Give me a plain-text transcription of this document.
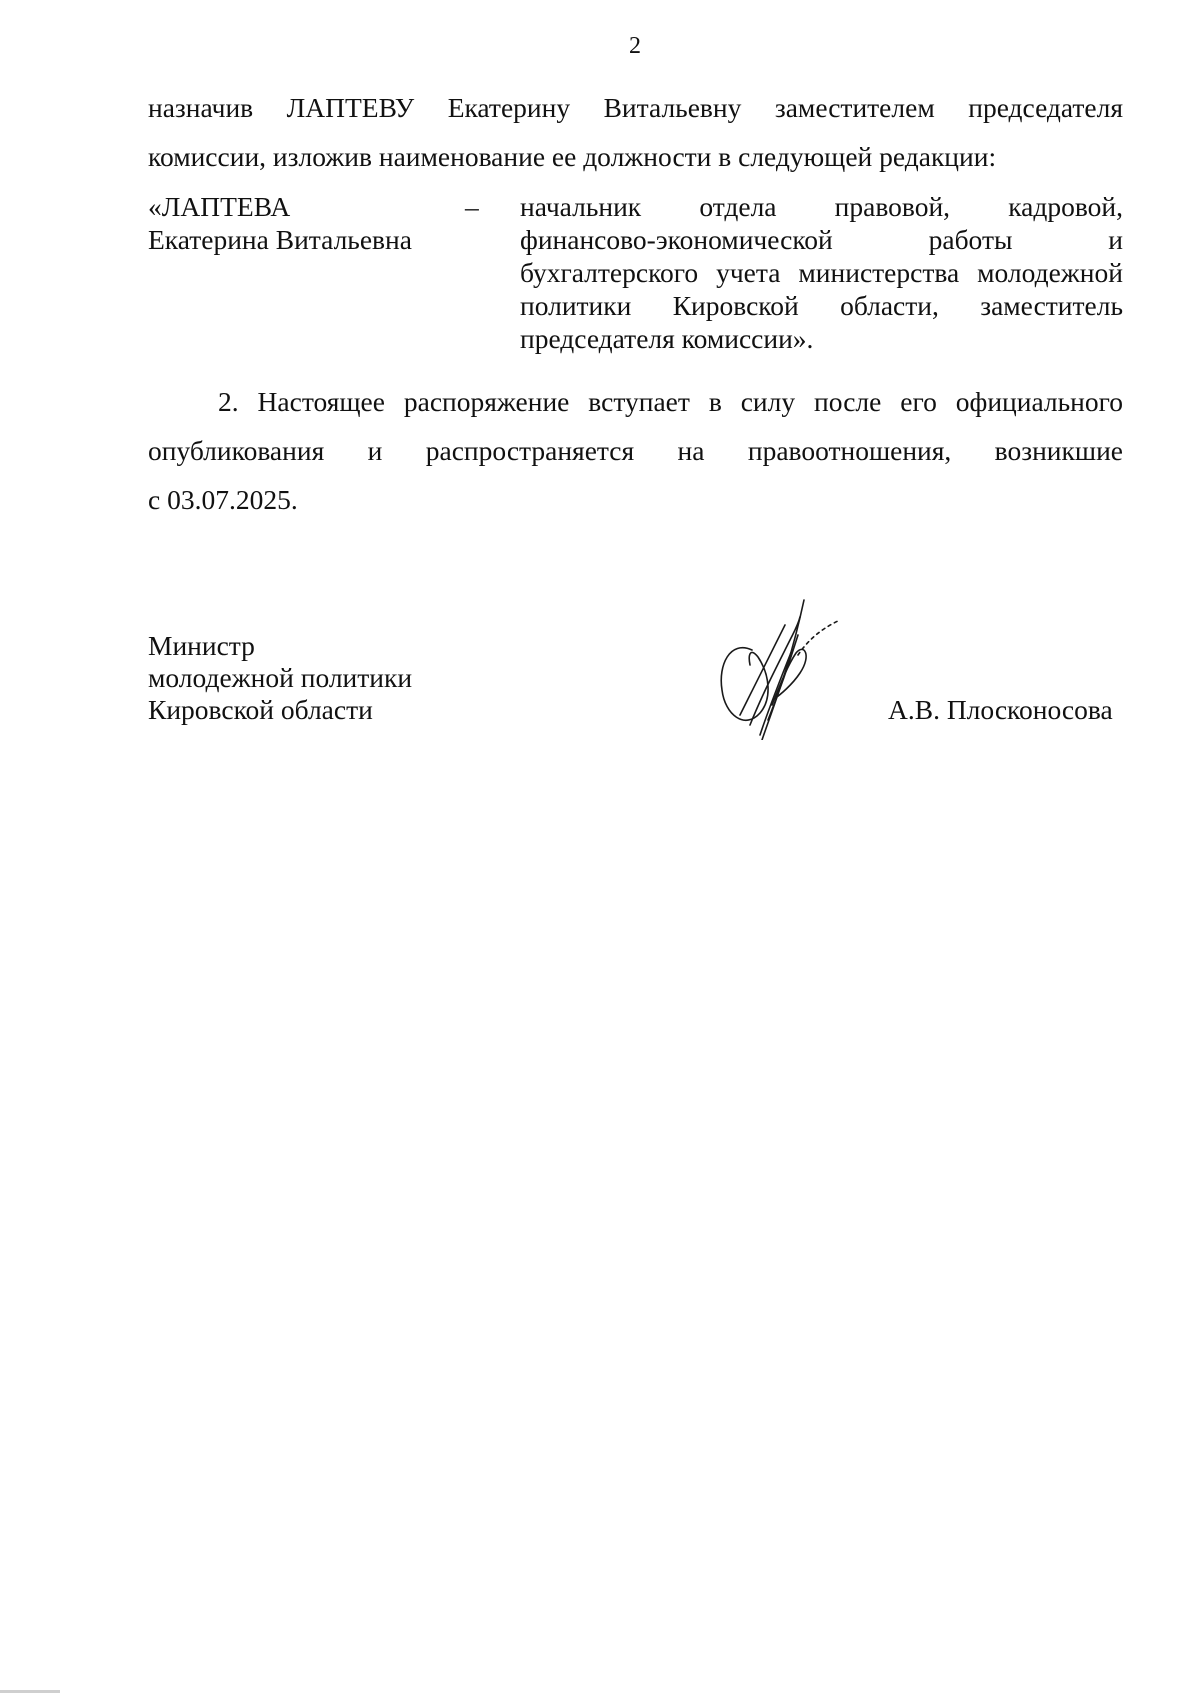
2
назначив ЛАПТЕВУ Екатерину Витальевну заместителем председателя
комиссии, изложив наименование ее должности в следующей редакции:
«ЛАПТЕВА
Екатерина Витальевна
– начальник отдела правовой, кадровой,
финансово-экономической работы и
бухгалтерского учета министерства молодежной
политики Кировской области, заместитель
председателя комиссии».
2. Настоящее распоряжение вступает в силу после его официального
опубликования и распространяется на правоотношения, возникшие
с 03.07.2025.
Министр
молодежной политики
Кировской области	А.В. Плосконосова
